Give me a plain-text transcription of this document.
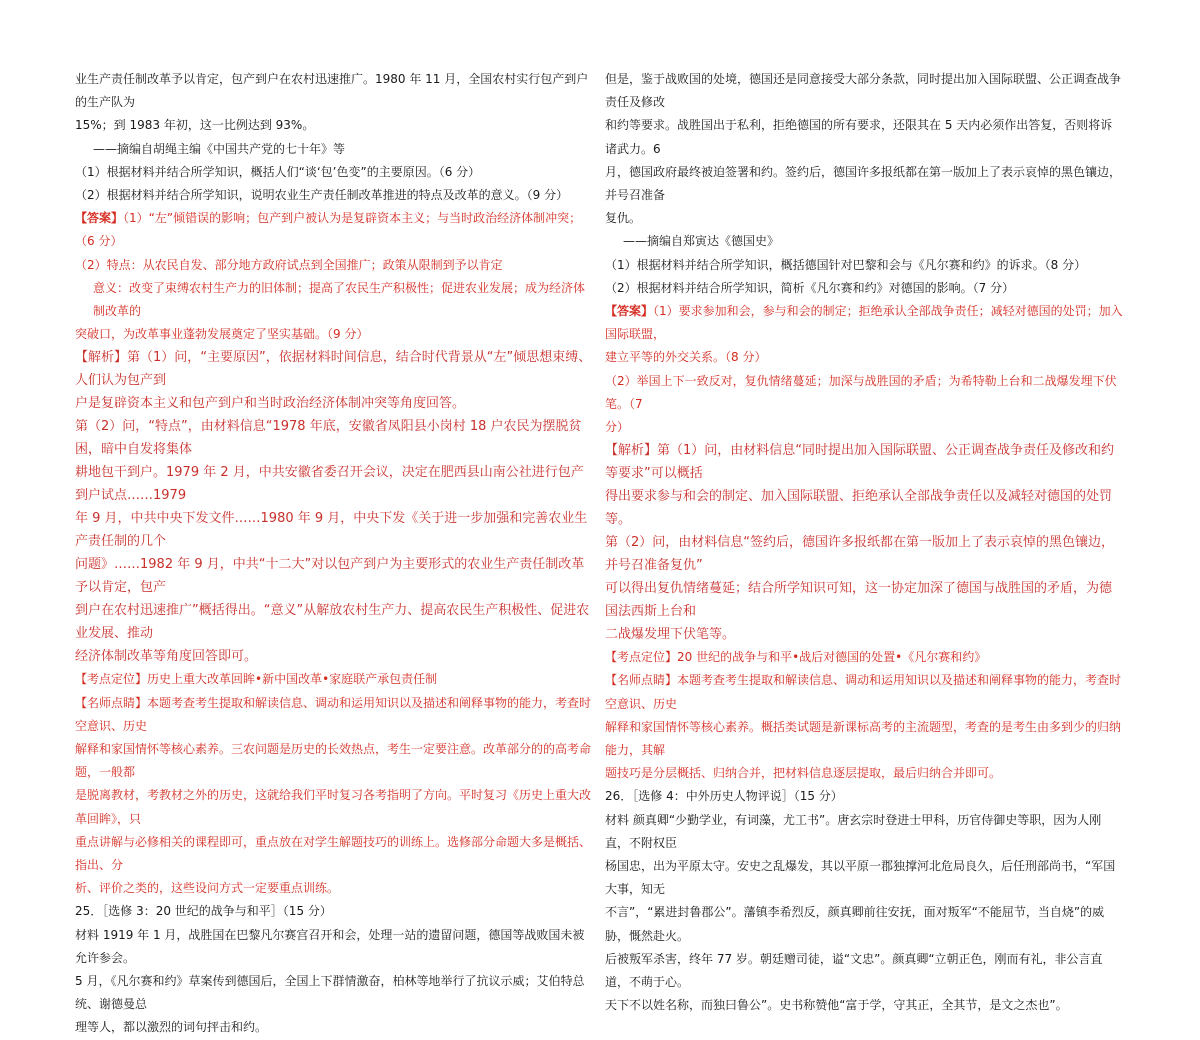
业生产责任制改革予以肯定，包产到户在农村迅速推广。1980 年 11 月，全国农村实行包产到户的生产队为

15%；到 1983 年初，这一比例达到 93%。

——摘编自胡绳主编《中国共产党的七十年》等

（1）根据材料并结合所学知识，概括人们“谈‘包’色变”的主要原因。（6 分）

（2）根据材料并结合所学知识，说明农业生产责任制改革推进的特点及改革的意义。（9 分）

【答案】（1）“左”倾错误的影响；包产到户被认为是复辟资本主义；与当时政治经济体制冲突；（6 分）

（2）特点：从农民自发、部分地方政府试点到全国推广；政策从限制到予以肯定

意义：改变了束缚农村生产力的旧体制；提高了农民生产积极性；促进农业发展；成为经济体制改革的

突破口，为改革事业蓬勃发展奠定了坚实基础。（9 分）

【解析】第（1）问，“主要原因”，依据材料时间信息，结合时代背景从“左”倾思想束缚、人们认为包产到

户是复辟资本主义和包产到户和当时政治经济体制冲突等角度回答。

第（2）问，“特点”，由材料信息“1978 年底，安徽省凤阳县小岗村 18 户农民为摆脱贫困，暗中自发将集体

耕地包干到户。1979 年 2 月，中共安徽省委召开会议，决定在肥西县山南公社进行包产到户试点……1979

年 9 月，中共中央下发文件……1980 年 9 月，中央下发《关于进一步加强和完善农业生产责任制的几个

问题》……1982 年 9 月，中共“十二大”对以包产到户为主要形式的农业生产责任制改革予以肯定，包产

到户在农村迅速推广”概括得出。“意义”从解放农村生产力、提高农民生产积极性、促进农业发展、推动

经济体制改革等角度回答即可。

【考点定位】历史上重大改革回眸•新中国改革•家庭联产承包责任制

【名师点睛】本题考查考生提取和解读信息、调动和运用知识以及描述和阐释事物的能力，考查时空意识、历史

解释和家国情怀等核心素养。三农问题是历史的长效热点，考生一定要注意。改革部分的的高考命题，一般都

是脱离教材，考教材之外的历史，这就给我们平时复习各考指明了方向。平时复习《历史上重大改革回眸》，只

重点讲解与必修相关的课程即可，重点放在对学生解题技巧的训练上。选修部分命题大多是概括、指出、分

析、评价之类的，这些设问方式一定要重点训练。

25．［选修 3：20 世纪的战争与和平］（15 分）

材料 1919 年 1 月，战胜国在巴黎凡尔赛宫召开和会，处理一站的遗留问题，德国等战败国未被允许参会。

5 月，《凡尔赛和约》草案传到德国后，全国上下群情激奋，柏林等地举行了抗议示威；艾伯特总统、谢德曼总

理等人，都以激烈的词句抨击和约。

但是，鉴于战败国的处境，德国还是同意接受大部分条款，同时提出加入国际联盟、公正调查战争责任及修改

和约等要求。战胜国出于私利，拒绝德国的所有要求，还限其在 5 天内必须作出答复，否则将诉诸武力。6

月，德国政府最终被迫签署和约。签约后，德国许多报纸都在第一版加上了表示哀悼的黑色镶边，并号召准备

复仇。

——摘编自郑寅达《德国史》

（1）根据材料并结合所学知识，概括德国针对巴黎和会与《凡尔赛和约》的诉求。（8 分）

（2）根据材料并结合所学知识，简析《凡尔赛和约》对德国的影响。（7 分）

【答案】（1）要求参加和会，参与和会的制定；拒绝承认全部战争责任；减轻对德国的处罚；加入国际联盟，

建立平等的外交关系。（8 分）

（2）举国上下一致反对，复仇情绪蔓延；加深与战胜国的矛盾；为希特勒上台和二战爆发埋下伏笔。（7

分）

【解析】第（1）问，由材料信息“同时提出加入国际联盟、公正调查战争责任及修改和约等要求”可以概括

得出要求参与和会的制定、加入国际联盟、拒绝承认全部战争责任以及减轻对德国的处罚等。

第（2）问，由材料信息“签约后，德国许多报纸都在第一版加上了表示哀悼的黑色镶边，并号召准备复仇”

可以得出复仇情绪蔓延；结合所学知识可知，这一协定加深了德国与战胜国的矛盾，为德国法西斯上台和

二战爆发埋下伏笔等。

【考点定位】20 世纪的战争与和平•战后对德国的处置•《凡尔赛和约》

【名师点睛】本题考查考生提取和解读信息、调动和运用知识以及描述和阐释事物的能力，考查时空意识、历史

解释和家国情怀等核心素养。概括类试题是新课标高考的主流题型，考查的是考生由多到少的归纳能力，其解

题技巧是分层概括、归纳合并，把材料信息逐层提取，最后归纳合并即可。

26．［选修 4：中外历史人物评说］（15 分）

材料 颜真卿“少勤学业，有词藻，尤工书”。唐玄宗时登进士甲科，历官侍御史等职，因为人刚直，不附权臣

杨国忠，出为平原太守。安史之乱爆发，其以平原一郡独撑河北危局良久，后任刑部尚书，“军国大事，知无

不言”，“累进封鲁郡公”。藩镇李希烈反，颜真卿前往安抚，面对叛军“不能屈节，当自烧”的威胁，慨然赴火。

后被叛军杀害，终年 77 岁。朝廷赠司徒，谥“文忠”。颜真卿“立朝正色，刚而有礼，非公言直道，不萌于心。

天下不以姓名称，而独曰鲁公”。史书称赞他“富于学，守其正，全其节，是文之杰也”。
